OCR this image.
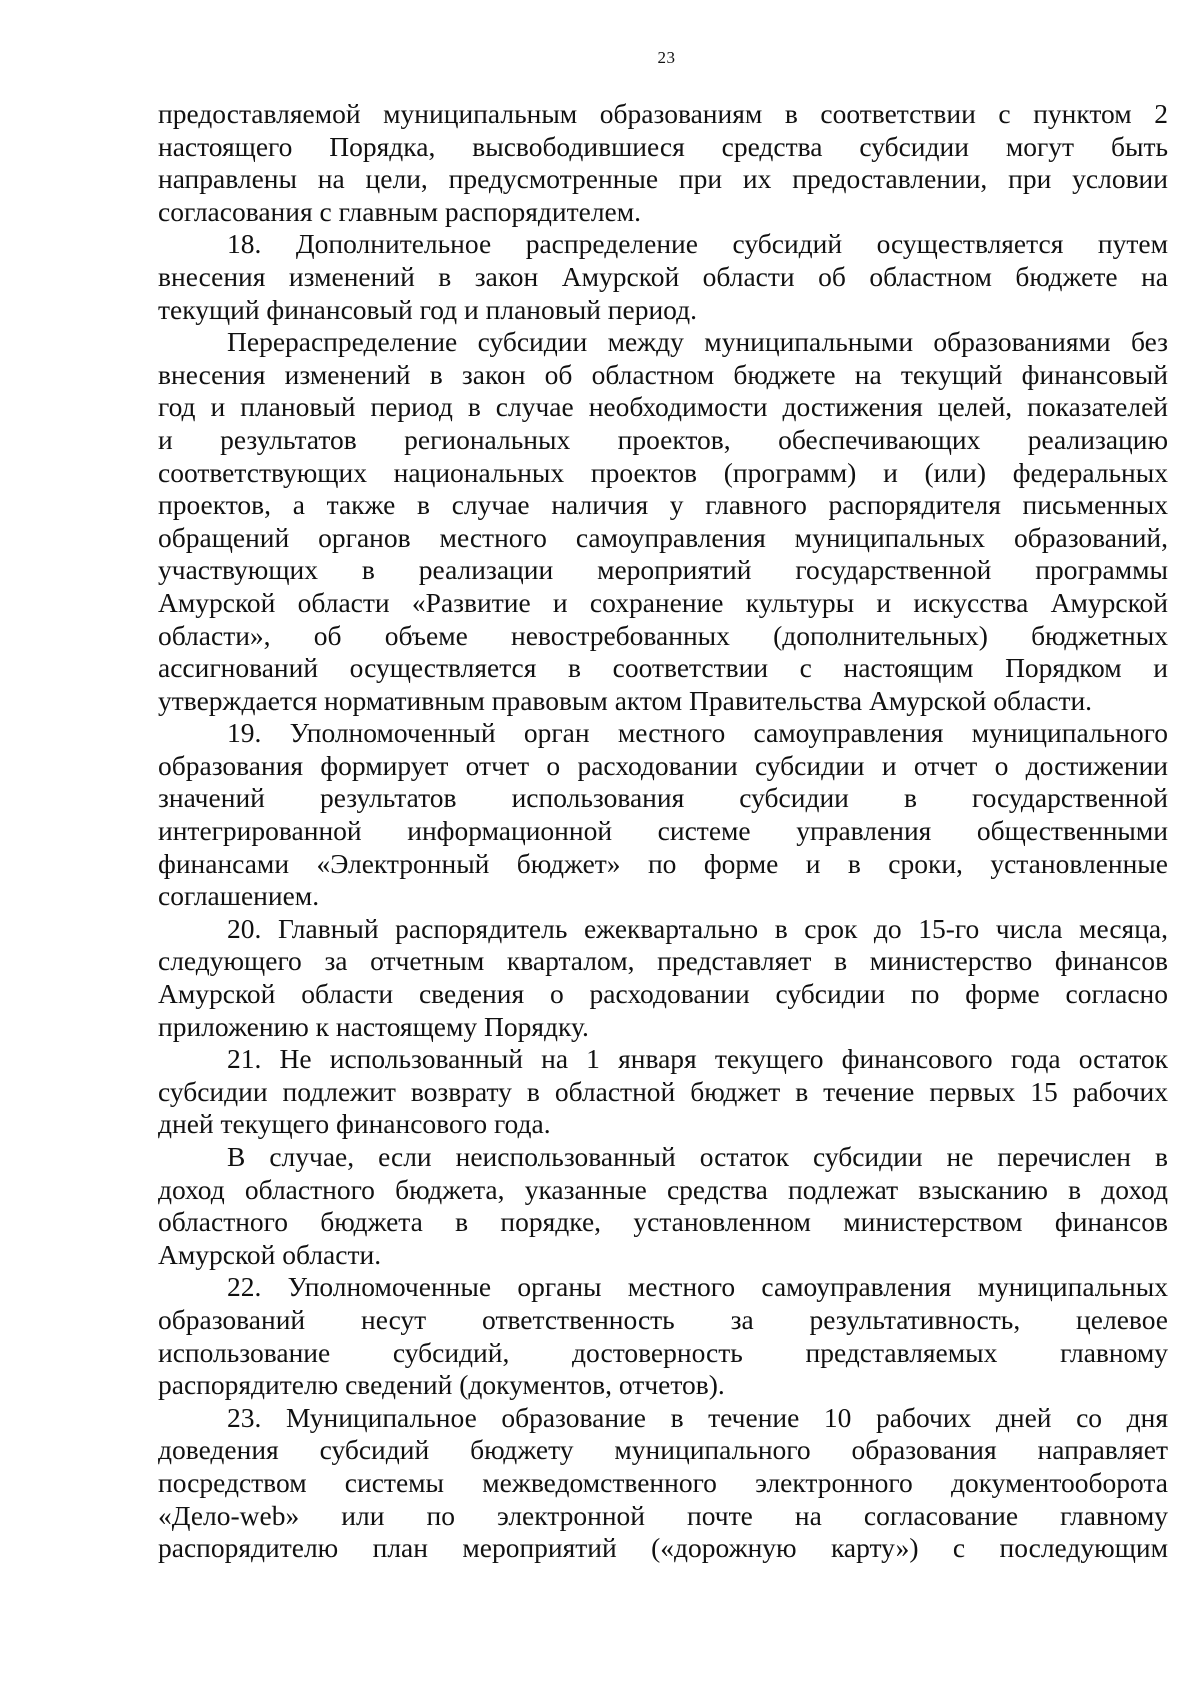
23
предоставляемой муниципальным образованиям в соответствии с пунктом 2
настоящего Порядка, высвободившиеся средства субсидии могут быть
направлены на цели, предусмотренные при их предоставлении, при условии
согласования с главным распорядителем.
18. Дополнительное распределение субсидий осуществляется путем
внесения изменений в закон Амурской области об областном бюджете на
текущий финансовый год и плановый период.
Перераспределение субсидии между муниципальными образованиями без
внесения изменений в закон об областном бюджете на текущий финансовый
год и плановый период в случае необходимости достижения целей, показателей
и результатов региональных проектов, обеспечивающих реализацию
соответствующих национальных проектов (программ) и (или) федеральных
проектов, а также в случае наличия у главного распорядителя письменных
обращений органов местного самоуправления муниципальных образований,
участвующих в реализации мероприятий государственной программы
Амурской области «Развитие и сохранение культуры и искусства Амурской
области», об объеме невостребованных (дополнительных) бюджетных
ассигнований осуществляется в соответствии с настоящим Порядком и
утверждается нормативным правовым актом Правительства Амурской области.
19. Уполномоченный орган местного самоуправления муниципального
образования формирует отчет о расходовании субсидии и отчет о достижении
значений результатов использования субсидии в государственной
интегрированной информационной системе управления общественными
финансами «Электронный бюджет» по форме и в сроки, установленные
соглашением.
20. Главный распорядитель ежеквартально в срок до 15-го числа месяца,
следующего за отчетным кварталом, представляет в министерство финансов
Амурской области сведения о расходовании субсидии по форме согласно
приложению к настоящему Порядку.
21. Не использованный на 1 января текущего финансового года остаток
субсидии подлежит возврату в областной бюджет в течение первых 15 рабочих
дней текущего финансового года.
В случае, если неиспользованный остаток субсидии не перечислен в
доход областного бюджета, указанные средства подлежат взысканию в доход
областного бюджета в порядке, установленном министерством финансов
Амурской области.
22. Уполномоченные органы местного самоуправления муниципальных
образований несут ответственность за результативность, целевое
использование субсидий, достоверность представляемых главному
распорядителю сведений (документов, отчетов).
23. Муниципальное образование в течение 10 рабочих дней со дня
доведения субсидий бюджету муниципального образования направляет
посредством системы межведомственного электронного документооборота
«Дело-web» или по электронной почте на согласование главному
распорядителю план мероприятий («дорожную карту») с последующим
